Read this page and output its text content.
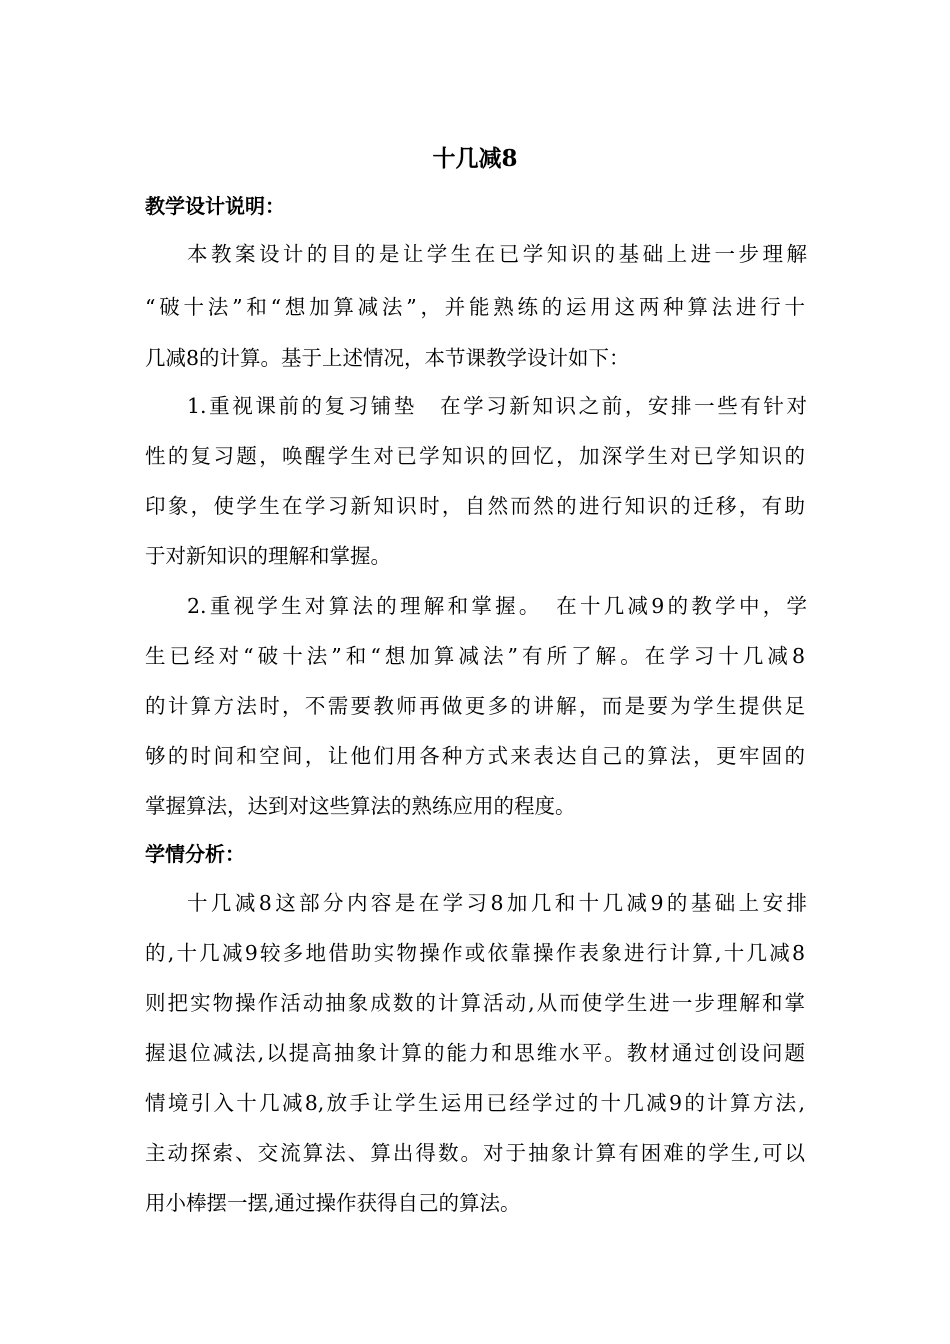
十几减8
教学设计说明：
本教案设计的目的是让学生在已学知识的基础上进一步理解
“破十法”和“想加算减法”，并能熟练的运用这两种算法进行十
几减8的计算。基于上述情况，本节课教学设计如下：
1.重视课前的复习铺垫　在学习新知识之前，安排一些有针对
性的复习题，唤醒学生对已学知识的回忆，加深学生对已学知识的
印象，使学生在学习新知识时，自然而然的进行知识的迁移，有助
于对新知识的理解和掌握。
2.重视学生对算法的理解和掌握。　在十几减9的教学中，学
生已经对“破十法”和“想加算减法”有所了解。在学习十几减8
的计算方法时，不需要教师再做更多的讲解，而是要为学生提供足
够的时间和空间，让他们用各种方式来表达自己的算法，更牢固的
掌握算法，达到对这些算法的熟练应用的程度。
学情分析：
十几减8这部分内容是在学习8加几和十几减9的基础上安排
的,十几减9较多地借助实物操作或依靠操作表象进行计算,十几减8
则把实物操作活动抽象成数的计算活动,从而使学生进一步理解和掌
握退位减法,以提高抽象计算的能力和思维水平。教材通过创设问题
情境引入十几减8,放手让学生运用已经学过的十几减9的计算方法,
主动探索、交流算法、算出得数。对于抽象计算有困难的学生,可以
用小棒摆一摆,通过操作获得自己的算法。
